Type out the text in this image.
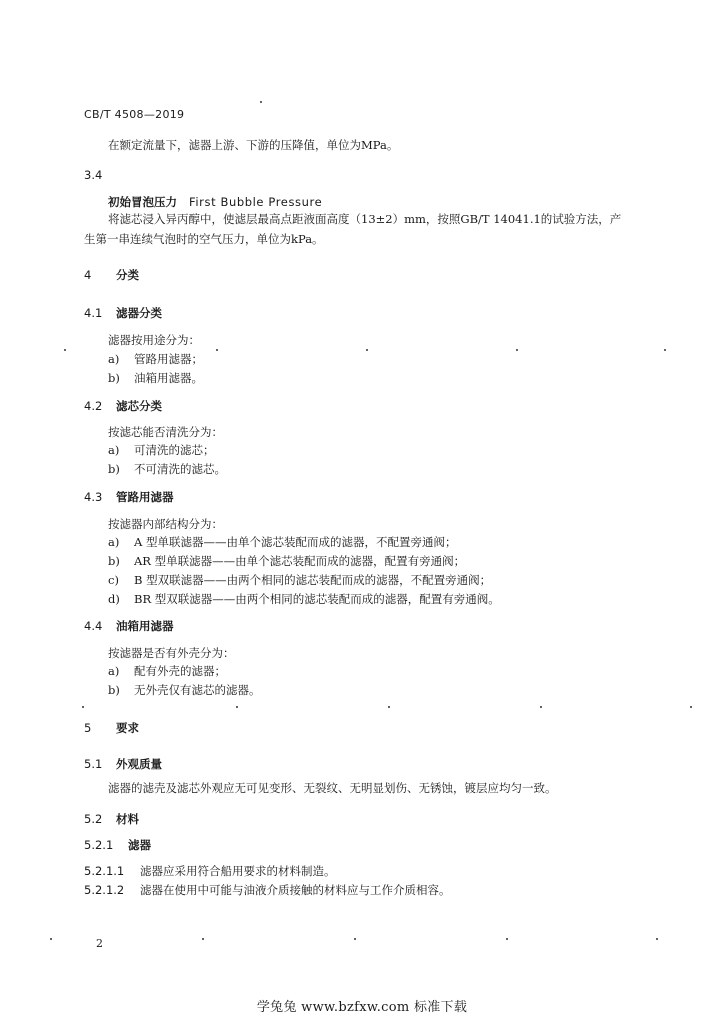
CB/T 4508—2019
在额定流量下，滤器上游、下游的压降值，单位为MPa。
3.4
初始冒泡压力 First Bubble Pressure
将滤芯浸入异丙醇中，使滤层最高点距液面高度（13±2）mm，按照GB/T 14041.1的试验方法，产
生第一串连续气泡时的空气压力，单位为kPa。
4 分类
4.1 滤器分类
滤器按用途分为：
a) 管路用滤器；
b) 油箱用滤器。
4.2 滤芯分类
按滤芯能否清洗分为：
a) 可清洗的滤芯；
b) 不可清洗的滤芯。
4.3 管路用滤器
按滤器内部结构分为：
a) A 型单联滤器——由单个滤芯装配而成的滤器，不配置旁通阀；
b) AR 型单联滤器——由单个滤芯装配而成的滤器，配置有旁通阀；
c) B 型双联滤器——由两个相同的滤芯装配而成的滤器，不配置旁通阀；
d) BR 型双联滤器——由两个相同的滤芯装配而成的滤器，配置有旁通阀。
4.4 油箱用滤器
按滤器是否有外壳分为：
a) 配有外壳的滤器；
b) 无外壳仅有滤芯的滤器。
5 要求
5.1 外观质量
滤器的滤壳及滤芯外观应无可见变形、无裂纹、无明显划伤、无锈蚀，镀层应均匀一致。
5.2 材料
5.2.1 滤器
5.2.1.1 滤器应采用符合船用要求的材料制造。
5.2.1.2 滤器在使用中可能与油液介质接触的材料应与工作介质相容。
2
学兔兔 www.bzfxw.com 标准下载
